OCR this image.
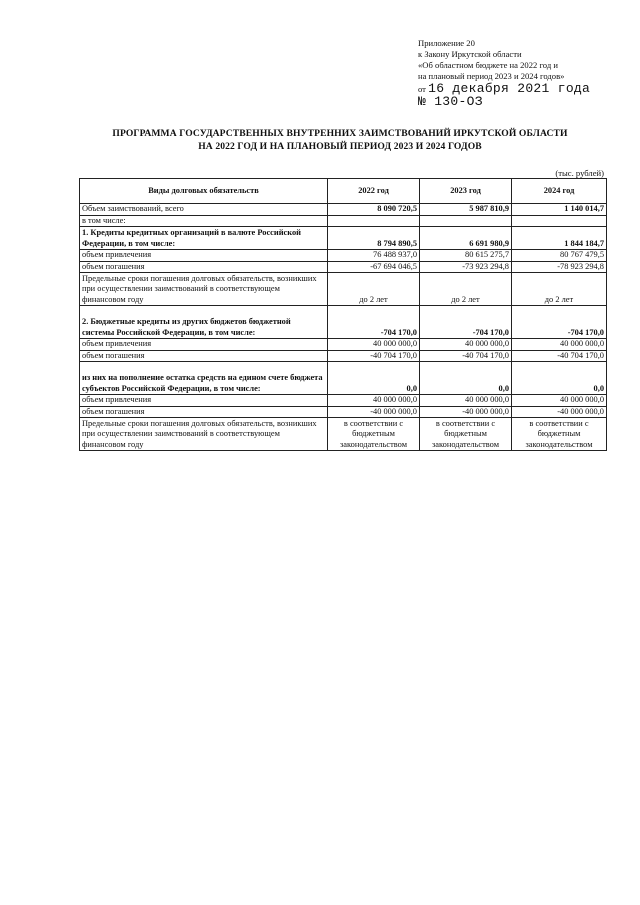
Приложение 20
к Закону Иркутской области
«Об областном бюджете на 2022 год и
на плановый период 2023 и 2024 годов»
от 16 декабря 2021 года
№ 130-ОЗ
ПРОГРАММА ГОСУДАРСТВЕННЫХ ВНУТРЕННИХ ЗАИМСТВОВАНИЙ ИРКУТСКОЙ ОБЛАСТИ
НА 2022 ГОД И НА ПЛАНОВЫЙ ПЕРИОД 2023 И 2024 ГОДОВ
(тыс. рублей)
Виды долговых обязательств	2022 год	2023 год	2024 год
Объем заимствований, всего	8 090 720,5	5 987 810,9	1 140 014,7
в том числе:			
1. Кредиты кредитных организаций в валюте Российской Федерации, в том числе:	8 794 890,5	6 691 980,9	1 844 184,7
объем привлечения	76 488 937,0	80 615 275,7	80 767 479,5
объем погашения	-67 694 046,5	-73 923 294,8	-78 923 294,8
Предельные сроки погашения долговых обязательств, возникших при осуществлении заимствований в соответствующем финансовом году	до 2 лет	до 2 лет	до 2 лет
2. Бюджетные кредиты из других бюджетов бюджетной системы Российской Федерации, в том числе:	-704 170,0	-704 170,0	-704 170,0
объем привлечения	40 000 000,0	40 000 000,0	40 000 000,0
объем погашения	-40 704 170,0	-40 704 170,0	-40 704 170,0
из них на пополнение остатка средств на едином счете бюджета субъектов Российской Федерации, в том числе:	0,0	0,0	0,0
объем привлечения	40 000 000,0	40 000 000,0	40 000 000,0
объем погашения	-40 000 000,0	-40 000 000,0	-40 000 000,0
Предельные сроки погашения долговых обязательств, возникших при осуществлении заимствований в соответствующем финансовом году	в соответствии с бюджетным законодательством	в соответствии с бюджетным законодательством	в соответствии с бюджетным законодательством
